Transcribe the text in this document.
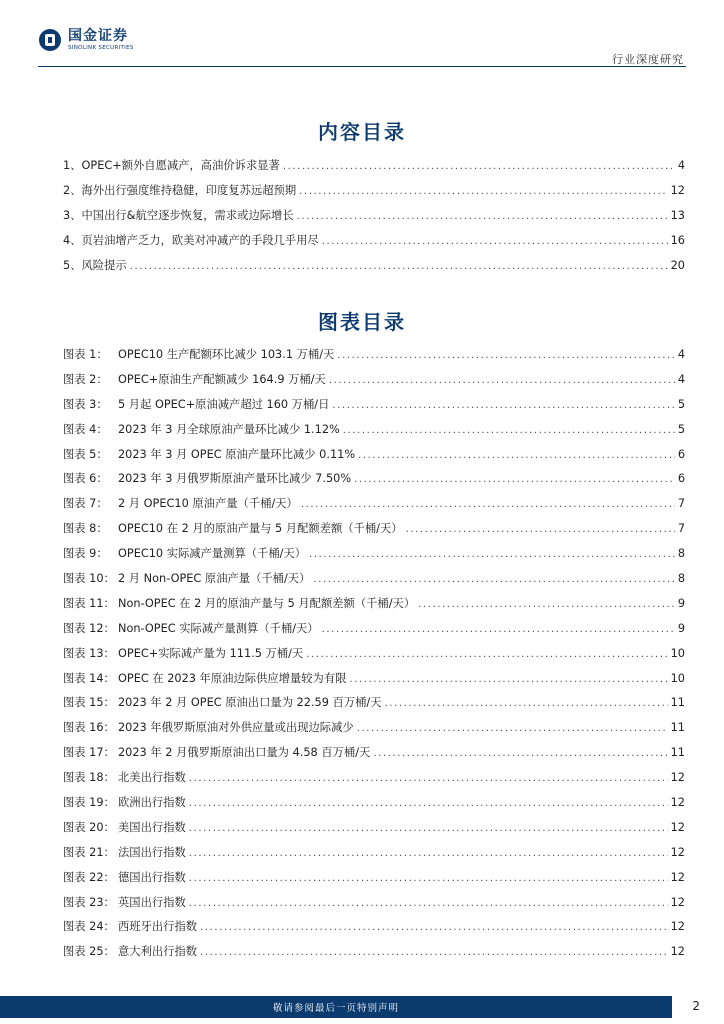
国金证券
SINOLINK SECURITIES
行业深度研究
内容目录
1、OPEC+额外自愿减产，高油价诉求显著 .....	4
2、海外出行强度维持稳健，印度复苏远超预期 .....	12
3、中国出行&航空逐步恢复，需求或边际增长 .....	13
4、页岩油增产乏力，欧美对冲减产的手段几乎用尽 .....	16
5、风险提示 .....	20
图表目录
图表 1： OPEC10 生产配额环比减少 103.1 万桶/天 .....	4
图表 2： OPEC+原油生产配额减少 164.9 万桶/天 .....	4
图表 3： 5 月起 OPEC+原油减产超过 160 万桶/日 .....	5
图表 4： 2023 年 3 月全球原油产量环比减少 1.12% .....	5
图表 5： 2023 年 3 月 OPEC 原油产量环比减少 0.11% .....	6
图表 6： 2023 年 3 月俄罗斯原油产量环比减少 7.50% .....	6
图表 7： 2 月 OPEC10 原油产量（千桶/天） .....	7
图表 8： OPEC10 在 2 月的原油产量与 5 月配额差额（千桶/天） .....	7
图表 9： OPEC10 实际减产量测算（千桶/天） .....	8
图表 10： 2 月 Non-OPEC 原油产量（千桶/天） .....	8
图表 11： Non-OPEC 在 2 月的原油产量与 5 月配额差额（千桶/天） .....	9
图表 12： Non-OPEC 实际减产量测算（千桶/天） .....	9
图表 13： OPEC+实际减产量为 111.5 万桶/天 .....	10
图表 14： OPEC 在 2023 年原油边际供应增量较为有限 .....	10
图表 15： 2023 年 2 月 OPEC 原油出口量为 22.59 百万桶/天 .....	11
图表 16： 2023 年俄罗斯原油对外供应量或出现边际减少 .....	11
图表 17： 2023 年 2 月俄罗斯原油出口量为 4.58 百万桶/天 .....	11
图表 18： 北美出行指数 .....	12
图表 19： 欧洲出行指数 .....	12
图表 20： 美国出行指数 .....	12
图表 21： 法国出行指数 .....	12
图表 22： 德国出行指数 .....	12
图表 23： 英国出行指数 .....	12
图表 24： 西班牙出行指数 .....	12
图表 25： 意大利出行指数 .....	12
敬请参阅最后一页特别声明	2
